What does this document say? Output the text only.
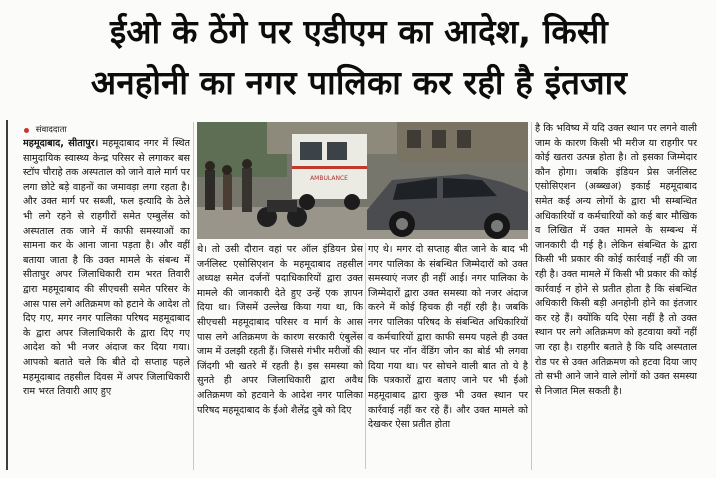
ईओ के ठेंगे पर एडीएम का आदेश, किसी
अनहोनी का नगर पालिका कर रही है इंतजार
संवाददाता

महमूदाबाद, सीतापुर। महमूदाबाद नगर में स्थित सामुदायिक स्वास्थ्य केन्द्र परिसर से लगाकर बस स्टॉप चौराहे तक अस्पताल को जाने वाले मार्ग पर लगा छोटे बड़े वाहनों का जमावड़ा लगा रहता है। और उक्त मार्ग पर सब्जी, फल इत्यादि के ठेले भी लगे रहने से राहगीरों समेत एम्बुलेंस को अस्पताल तक जाने में काफी समस्याओं का सामना कर के आना जाना पड़ता है। और वहीं बताया जाता है कि उक्त मामले के संबन्ध में सीतापुर अपर जिलाधिकारी राम भरत तिवारी द्वारा महमूदाबाद की सीएचसी समेत परिसर के आस पास लगे अतिक्रमण को हटाने के आदेश तो दिए गए, मगर नगर पालिका परिषद महमूदाबाद के द्वारा अपर जिलाधिकारी के द्वारा दिए गए आदेश को भी नजर अंदाज कर दिया गया। आपको बताते चले कि बीते दो सप्ताह पहले महमूदाबाद तहसील दिवस में अपर जिलाधिकारी राम भरत तिवारी आए हुए

AMBULANCE

थे। तो उसी दौरान वहां पर ऑल इंडियन प्रेस जर्नलिस्ट एसोसिएशन के महमूदाबाद तहसील अध्यक्ष समेत दर्जनों पदाधिकारियों द्वारा उक्त मामले की जानकारी देते हुए उन्हें एक ज्ञापन दिया था। जिसमें उल्लेख किया गया था, कि सीएचसी महमूदाबाद परिसर व मार्ग के आस पास लगे अतिक्रमण के कारण सरकारी एंबुलेंस जाम में उलझी रहती हैं। जिससे गंभीर मरीजों की जिंदगी भी खतरे में रहती है। इस समस्या को सुनते ही अपर जिलाधिकारी द्वारा अवैध अतिक्रमण को हटवाने के आदेश नगर पालिका परिषद महमूदाबाद के ईओ शैलेंद्र दुबे को दिए

गए थे। मगर दो सप्ताह बीत जाने के बाद भी नगर पालिका के संबन्धित जिम्मेदारों को उक्त समस्याएं नजर ही नहीं आई। नगर पालिका के जिम्मेदारों द्वारा उक्त समस्या को नजर अंदाज करने में कोई हिचक ही नहीं रही है। जबकि नगर पालिका परिषद के संबन्धित अधिकारियों व कर्मचारियों द्वारा काफी समय पहले ही उक्त स्थान पर नॉन वेंडिंग जोन का बोर्ड भी लगवा दिया गया था। पर सोचने वाली बात तो ये है कि पत्रकारों द्वारा बताए जाने पर भी ईओ महमूदाबाद द्वारा कुछ भी उक्त स्थान पर कार्रवाई नहीं कर रहे हैं। और उक्त मामले को देखकर ऐसा प्रतीत होता

है कि भविष्य में यदि उक्त स्थान पर लगने वाली जाम के कारण किसी भी मरीज या राहगीर पर कोई खतरा उत्पन्न होता है। तो इसका जिम्मेदार कौन होगा। जबकि इंडियन प्रेस जर्नलिस्ट एसोसिएशन (अब्ब्खअ) इकाई महमूदाबाद समेत कई अन्य लोगों के द्वारा भी सम्बन्धित अधिकारियों व कर्मचारियों को कई बार मौखिक व लिखित में उक्त मामले के सम्बन्ध में जानकारी दी गई है। लेकिन संबन्धित के द्वारा किसी भी प्रकार की कोई कार्रवाई नहीं की जा रही है। उक्त मामले में किसी भी प्रकार की कोई कार्रवाई न होने से प्रतीत होता है कि संबन्धित अधिकारी किसी बड़ी अनहोनी होने का इंतजार कर रहे हैं। क्योंकि यदि ऐसा नहीं है तो उक्त स्थान पर लगे अतिक्रमण को हटवाया क्यों नहीं जा रहा है। राहगीर बताते है कि यदि अस्पताल रोड पर से उक्त अतिक्रमण को हटवा दिया जाए तो सभी आने जाने वाले लोगों को उक्त समस्या से निजात मिल सकती है।
